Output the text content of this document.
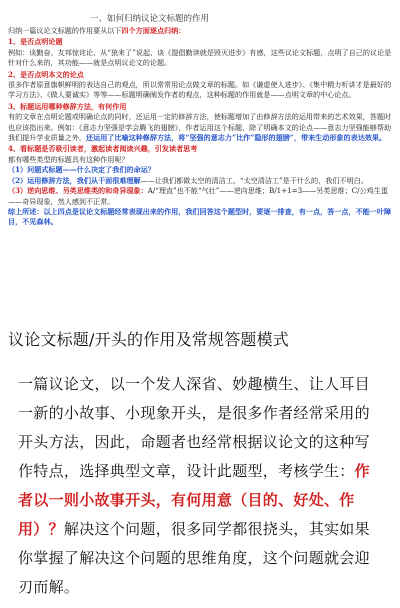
一、如何归纳议论文标题的作用

归纳一篇议论文标题的作用要从以下四个方面逐点归纳：

1、是否点明论题

例如：谈勤奋、友邦惊诧论、从“狼来了”说起、谈《提倡勤读就是毁灭进步》有感，这些议论文标题，点明了自己的议论是针对什么来的，其功能——就是点明议论文的论题。

2、是否点明本文的论点

很多作者原意旗帜鲜明的表达自己的观点，所以常常用论点做文章的标题。如《谦虚使人进步》、《集中精力听讲才是最好的学习方法》、《做人要诚实》等等——标题明确阐发作者的观点，这种标题的作用就是——点明文章的中心论点。

3、标题运用哪种修辞方法，有何作用

有的文章在点明论题或明确论点的同时，还运用一定的修辞方法，使标题增加了由修辞方法的运用带来的艺术效果，答题时也应该指出来。例如：《意志力坚强是学会腾飞的翅膀》，作者运用这个标题，除了明确本文的论点——意志力坚强能够帮助我们提升学业质量之外，还运用了比喻这种修辞方法，将“坚强的意志力”比作“隐形的翅膀”，带来生动形象的表达效果。

4、看标题是否吸引读者，激起读者阅读兴趣，引发读者思考

都有哪些类型的标题具有这种作用呢？

（1）问题式标题——什么决定了我们的命运？

（2）运用修辞方法，我们从干面很难理解——让我们都做太空的清洁工。“太空清洁工”是干什么的，我们不明白。

（3）逆向思维、另类思维类的和奇异现象：A/“理直”也不能“气壮”——逆向思维；B/1+1=3——另类思维；C/公鸡生蛋——奇异现象，然人感到不正常。

综上所述：以上四点是议论文标题经常表现出来的作用，我们回答这个题型时，要逐一排查，有一点，答一点，不能一叶障目，不见森林。

议论文标题/开头的作用及常规答题模式
一篇议论文，以一个发人深省、妙趣横生、让人耳目一新的小故事、小现象开头，是很多作者经常采用的开头方法，因此，命题者也经常根据议论文的这种写作特点，选择典型文章，设计此题型，考核学生：作者以一则小故事开头，有何用意（目的、好处、作用）？解决这个问题，很多同学都很挠头，其实如果你掌握了解决这个问题的思维角度，这个问题就会迎刃而解。
